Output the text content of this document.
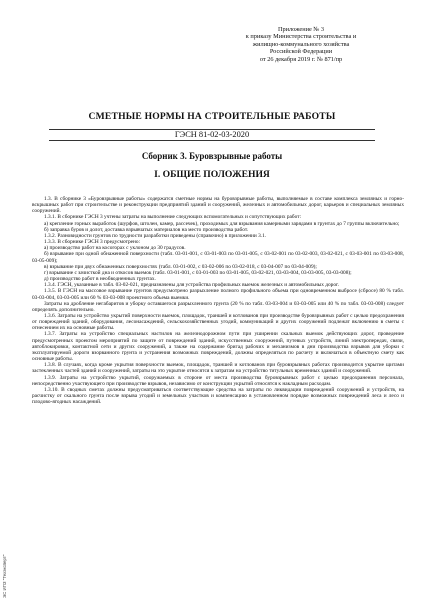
Приложение № 3
к приказу Министерства строительства и
жилищно-коммунального хозяйства
Российской Федерации
от 26 декабря 2019 г. № 871/пр
СМЕТНЫЕ НОРМЫ НА СТРОИТЕЛЬНЫЕ РАБОТЫ
ГЭСН 81-02-03-2020
Сборник 3. Буровзрывные работы
I. ОБЩИЕ ПОЛОЖЕНИЯ

1.3. В сборнике 3 «Буровзрывные работы» содержатся сметные нормы на буровзрывные работы, выполняемые в составе комплекса земляных и горно-вскрышных работ при строительстве и реконструкции предприятий зданий и сооружений, железных и автомобильных дорог, карьеров и специальных земляных сооружений.

1.3.1. В сборнике ГЭСН 3 учтены затраты на выполнение следующих вспомогательных и сопутствующих работ:

а) крепление горных выработок (шурфов, штолен, камер, рассечек), проходимых для взрывания камерными зарядами в грунтах до 7 группы включительно;

б) заправка буров и долот, доставка взрывчатых материалов на место производства работ.

1.3.2. Разновидности грунтов по трудности разработки приведены (справочно) в приложении 3.1.

1.3.3. В сборнике ГЭСН 3 предусмотрено:

а) производство работ на косогорах с уклоном до 30 градусов.

б) взрывание при одной обнаженной поверхности (табл. 03-01-001, с 03-01-003 по 03-01-005, с 03-02-001 по 03-02-003, 03-02-021, с 03-03-001 по 03-03-008, 03-05-009);

в) взрывание при двух обнаженных поверхностях (табл. 03-01-002, с 03-02-006 по 03-02-018, с 03-04-007 по 03-04-009);

г) взрывание с зачисткой дна и откосов выемок (табл. 03-01-001, с 03-01-003 по 03-01-005, 03-02-021, 03-03-004, 03-03-005, 03-03-008);

д) производство работ в необводненных грунтах.

1.3.4. ГЭСН, указанные в табл. 03-02-021, предназначены для устройства профильных выемок железных и автомобильных дорог.

1.3.5. В ГЭСН на массовое взрывание грунтов предусмотрено разрыхление полного профильного объема при одновременном выбросе (сбросе) 80 % табл. 03-03-004, 03-03-005 или 60 % 03-03-008 проектного объема выемки.

Затраты на дробление негабаритов и уборку оставшегося разрыхленного грунта (20 % по табл. 03-03-004 и 03-03-005 или 40 % по табл. 03-03-008) следует определять дополнительно.

1.3.6. Затраты на устройство укрытий поверхности выемок, площадок, траншей и котлованов при производстве буровзрывных работ с целью предохранения от повреждений зданий, оборудования, лесонасаждений, сельскохозяйственных угодий, коммуникаций и других сооружений подлежат включению в сметы с отнесением их на основные работы.

1.3.7. Затраты на устройство специальных настилов на железнодорожном пути при уширении скальных выемок действующих дорог, проведение предусмотренных проектом мероприятий по защите от повреждений зданий, искусственных сооружений, путевых устройств, линий электропередач, связи, автоблокировки, контактной сети и других сооружений, а также на содержание бригад рабочих и механизмов в дни производства взрывов для уборки с эксплуатируемой дороги взорванного грунта и устранения возможных повреждений, должны определяться по расчету и включаться в объектную смету как основные работы.

1.3.8. В случаях, когда кроме укрытия поверхности выемок, площадок, траншей и котлованов при буровзрывных работах производится укрытие щитами застекленных частей зданий и сооружений, затраты на это укрытие относятся к затратам на устройство титульных временных зданий и сооружений.

1.3.9. Затраты на устройство укрытий, сооружаемых в стороне от места производства буровзрывных работ с целью предохранения персонала, непосредственно участвующего при производстве взрывов, независимо от конструкции укрытий относятся к накладным расходам.

1.3.10. В сводных сметах должны предусматриваться соответствующие средства на затраты по ликвидации повреждений сооружений и устройств, на расчистку от скального грунта после взрыва угодий и земельных участков и компенсацию в установленном порядке возможных повреждений леса и лесо и плодово-ягодных насаждений.

ЭС ИПЗ "Техэксперт"
